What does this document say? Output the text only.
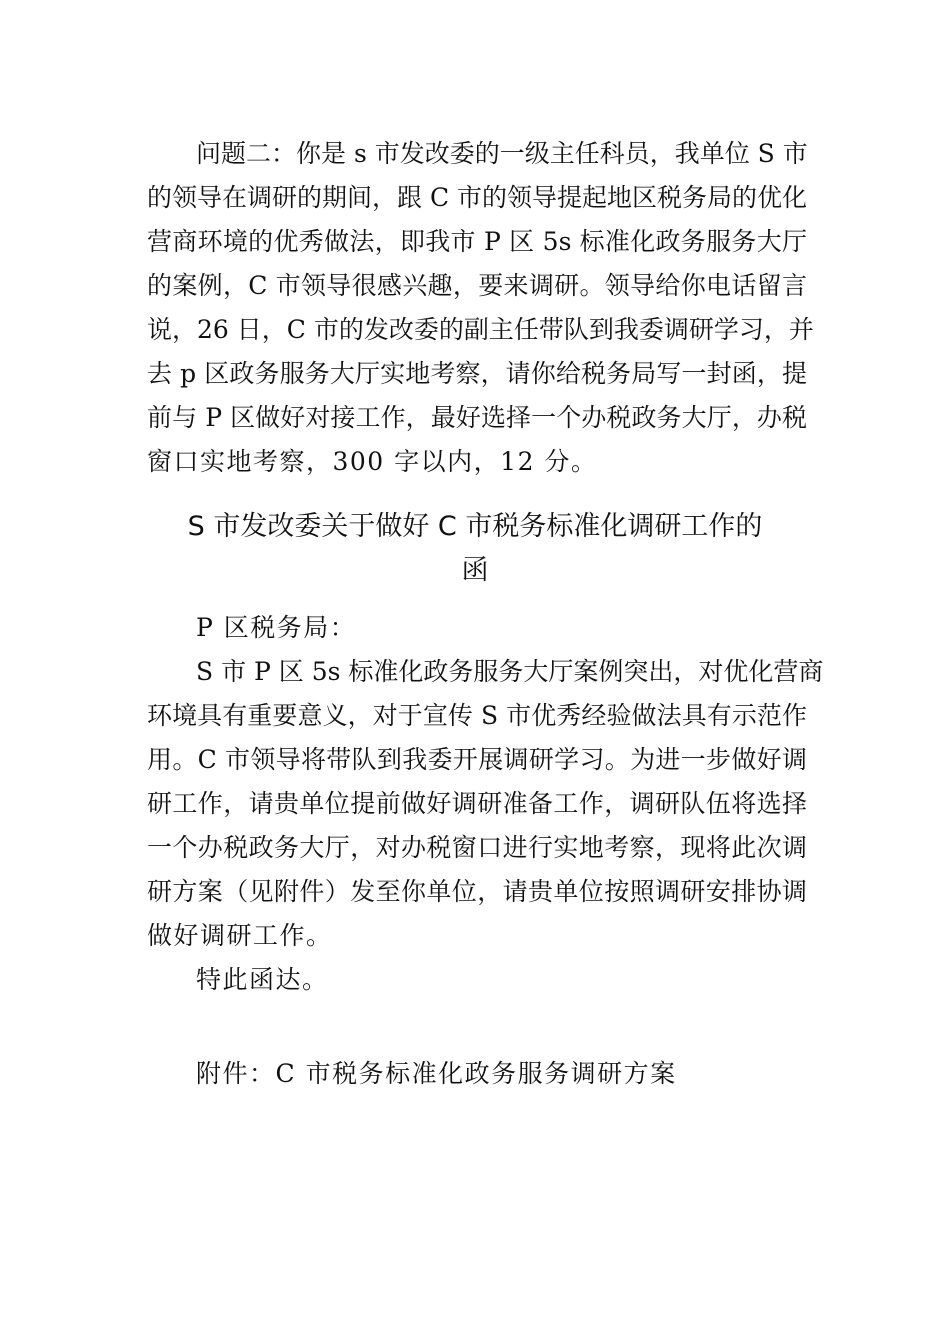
问题二：你是 s 市发改委的一级主任科员，我单位 S 市
的领导在调研的期间，跟 C 市的领导提起地区税务局的优化
营商环境的优秀做法，即我市 P 区 5s 标准化政务服务大厅
的案例，C 市领导很感兴趣，要来调研。领导给你电话留言
说，26 日，C 市的发改委的副主任带队到我委调研学习，并
去 p 区政务服务大厅实地考察，请你给税务局写一封函，提
前与 P 区做好对接工作，最好选择一个办税政务大厅，办税
窗口实地考察，300 字以内，12 分。
S 市发改委关于做好 C 市税务标准化调研工作的
函
P 区税务局：
S 市 P 区 5s 标准化政务服务大厅案例突出，对优化营商
环境具有重要意义，对于宣传 S 市优秀经验做法具有示范作
用。C 市领导将带队到我委开展调研学习。为进一步做好调
研工作，请贵单位提前做好调研准备工作，调研队伍将选择
一个办税政务大厅，对办税窗口进行实地考察，现将此次调
研方案（见附件）发至你单位，请贵单位按照调研安排协调
做好调研工作。
特此函达。
附件：C 市税务标准化政务服务调研方案
